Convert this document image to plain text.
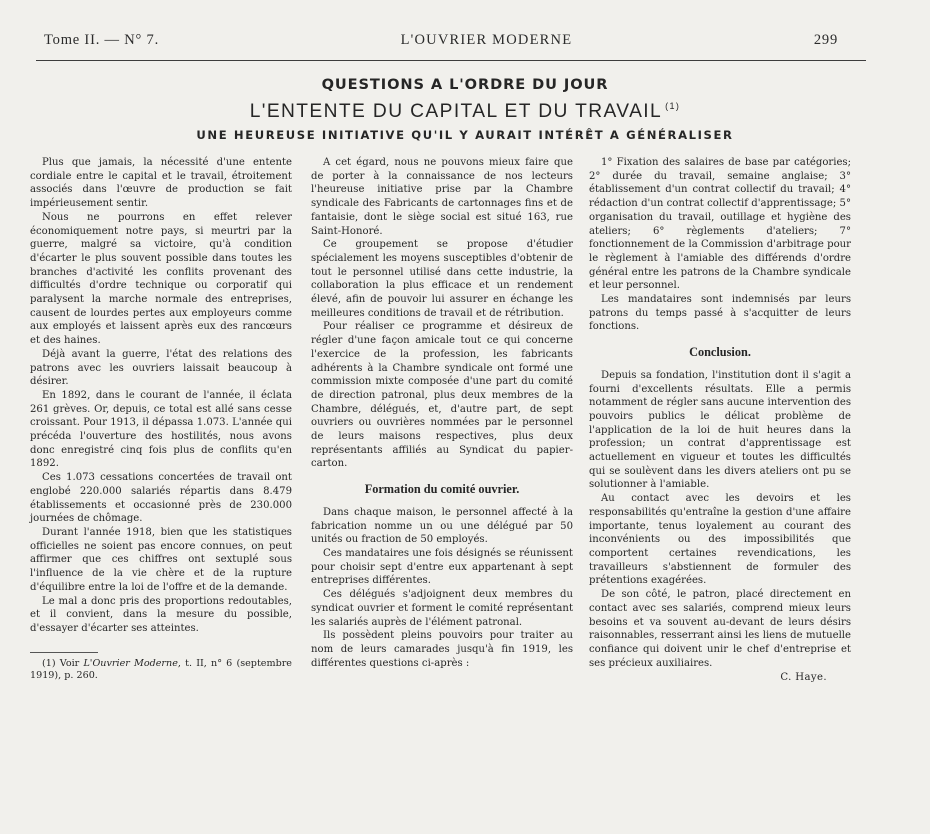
Tome II. — N° 7.	L'OUVRIER MODERNE	299
QUESTIONS A L'ORDRE DU JOUR
L'ENTENTE DU CAPITAL ET DU TRAVAIL $^{(1)}$
UNE HEUREUSE INITIATIVE QU'IL Y AURAIT INTÉRÊT A GÉNÉRALISER

Plus que jamais, la nécessité d'une entente cordiale entre le capital et le travail, étroitement associés dans l'œuvre de production se fait impérieusement sentir.

Nous ne pourrons en effet relever économiquement notre pays, si meurtri par la guerre, malgré sa victoire, qu'à condition d'écarter le plus souvent possible dans toutes les branches d'activité les conflits provenant des difficultés d'ordre technique ou corporatif qui paralysent la marche normale des entreprises, causent de lourdes pertes aux employeurs comme aux employés et laissent après eux des rancœurs et des haines.

Déjà avant la guerre, l'état des relations des patrons avec les ouvriers laissait beaucoup à désirer.

En 1892, dans le courant de l'année, il éclata 261 grèves. Or, depuis, ce total est allé sans cesse croissant. Pour 1913, il dépassa 1.073. L'année qui précéda l'ouverture des hostilités, nous avons donc enregistré cinq fois plus de conflits qu'en 1892.

Ces 1.073 cessations concertées de travail ont englobé 220.000 salariés répartis dans 8.479 établissements et occasionné près de 230.000 journées de chômage.

Durant l'année 1918, bien que les statistiques officielles ne soient pas encore connues, on peut affirmer que ces chiffres ont sextuplé sous l'influence de la vie chère et de la rupture d'équilibre entre la loi de l'offre et de la demande.

Le mal a donc pris des proportions redoutables, et il convient, dans la mesure du possible, d'essayer d'écarter ses atteintes.

(1) Voir L'Ouvrier Moderne, t. II, n° 6 (septembre 1919), p. 260.

A cet égard, nous ne pouvons mieux faire que de porter à la connaissance de nos lecteurs l'heureuse initiative prise par la Chambre syndicale des Fabricants de cartonnages fins et de fantaisie, dont le siège social est situé 163, rue Saint-Honoré.

Ce groupement se propose d'étudier spécialement les moyens susceptibles d'obtenir de tout le personnel utilisé dans cette industrie, la collaboration la plus efficace et un rendement élevé, afin de pouvoir lui assurer en échange les meilleures conditions de travail et de rétribution.

Pour réaliser ce programme et désireux de régler d'une façon amicale tout ce qui concerne l'exercice de la profession, les fabricants adhérents à la Chambre syndicale ont formé une commission mixte composée d'une part du comité de direction patronal, plus deux membres de la Chambre, délégués, et, d'autre part, de sept ouvriers ou ouvrières nommées par le personnel de leurs maisons respectives, plus deux représentants affiliés au Syndicat du papier-carton.

Formation du comité ouvrier.

Dans chaque maison, le personnel affecté à la fabrication nomme un ou une délégué par 50 unités ou fraction de 50 employés.

Ces mandataires une fois désignés se réunissent pour choisir sept d'entre eux appartenant à sept entreprises différentes.

Ces délégués s'adjoignent deux membres du syndicat ouvrier et forment le comité représentant les salariés auprès de l'élément patronal.

Ils possèdent pleins pouvoirs pour traiter au nom de leurs camarades jusqu'à fin 1919, les différentes questions ci-après :

1° Fixation des salaires de base par catégories; 2° durée du travail, semaine anglaise; 3° établissement d'un contrat collectif du travail; 4° rédaction d'un contrat collectif d'apprentissage; 5° organisation du travail, outillage et hygiène des ateliers; 6° règlements d'ateliers; 7° fonctionnement de la Commission d'arbitrage pour le règlement à l'amiable des différends d'ordre général entre les patrons de la Chambre syndicale et leur personnel.

Les mandataires sont indemnisés par leurs patrons du temps passé à s'acquitter de leurs fonctions.

Conclusion.

Depuis sa fondation, l'institution dont il s'agit a fourni d'excellents résultats. Elle a permis notamment de régler sans aucune intervention des pouvoirs publics le délicat problème de l'application de la loi de huit heures dans la profession; un contrat d'apprentissage est actuellement en vigueur et toutes les difficultés qui se soulèvent dans les divers ateliers ont pu se solutionner à l'amiable.

Au contact avec les devoirs et les responsabilités qu'entraîne la gestion d'une affaire importante, tenus loyalement au courant des inconvénients ou des impossibilités que comportent certaines revendications, les travailleurs s'abstiennent de formuler des prétentions exagérées.

De son côté, le patron, placé directement en contact avec ses salariés, comprend mieux leurs besoins et va souvent au-devant de leurs désirs raisonnables, resserrant ainsi les liens de mutuelle confiance qui doivent unir le chef d'entreprise et ses précieux auxiliaires.

C. Haye.
